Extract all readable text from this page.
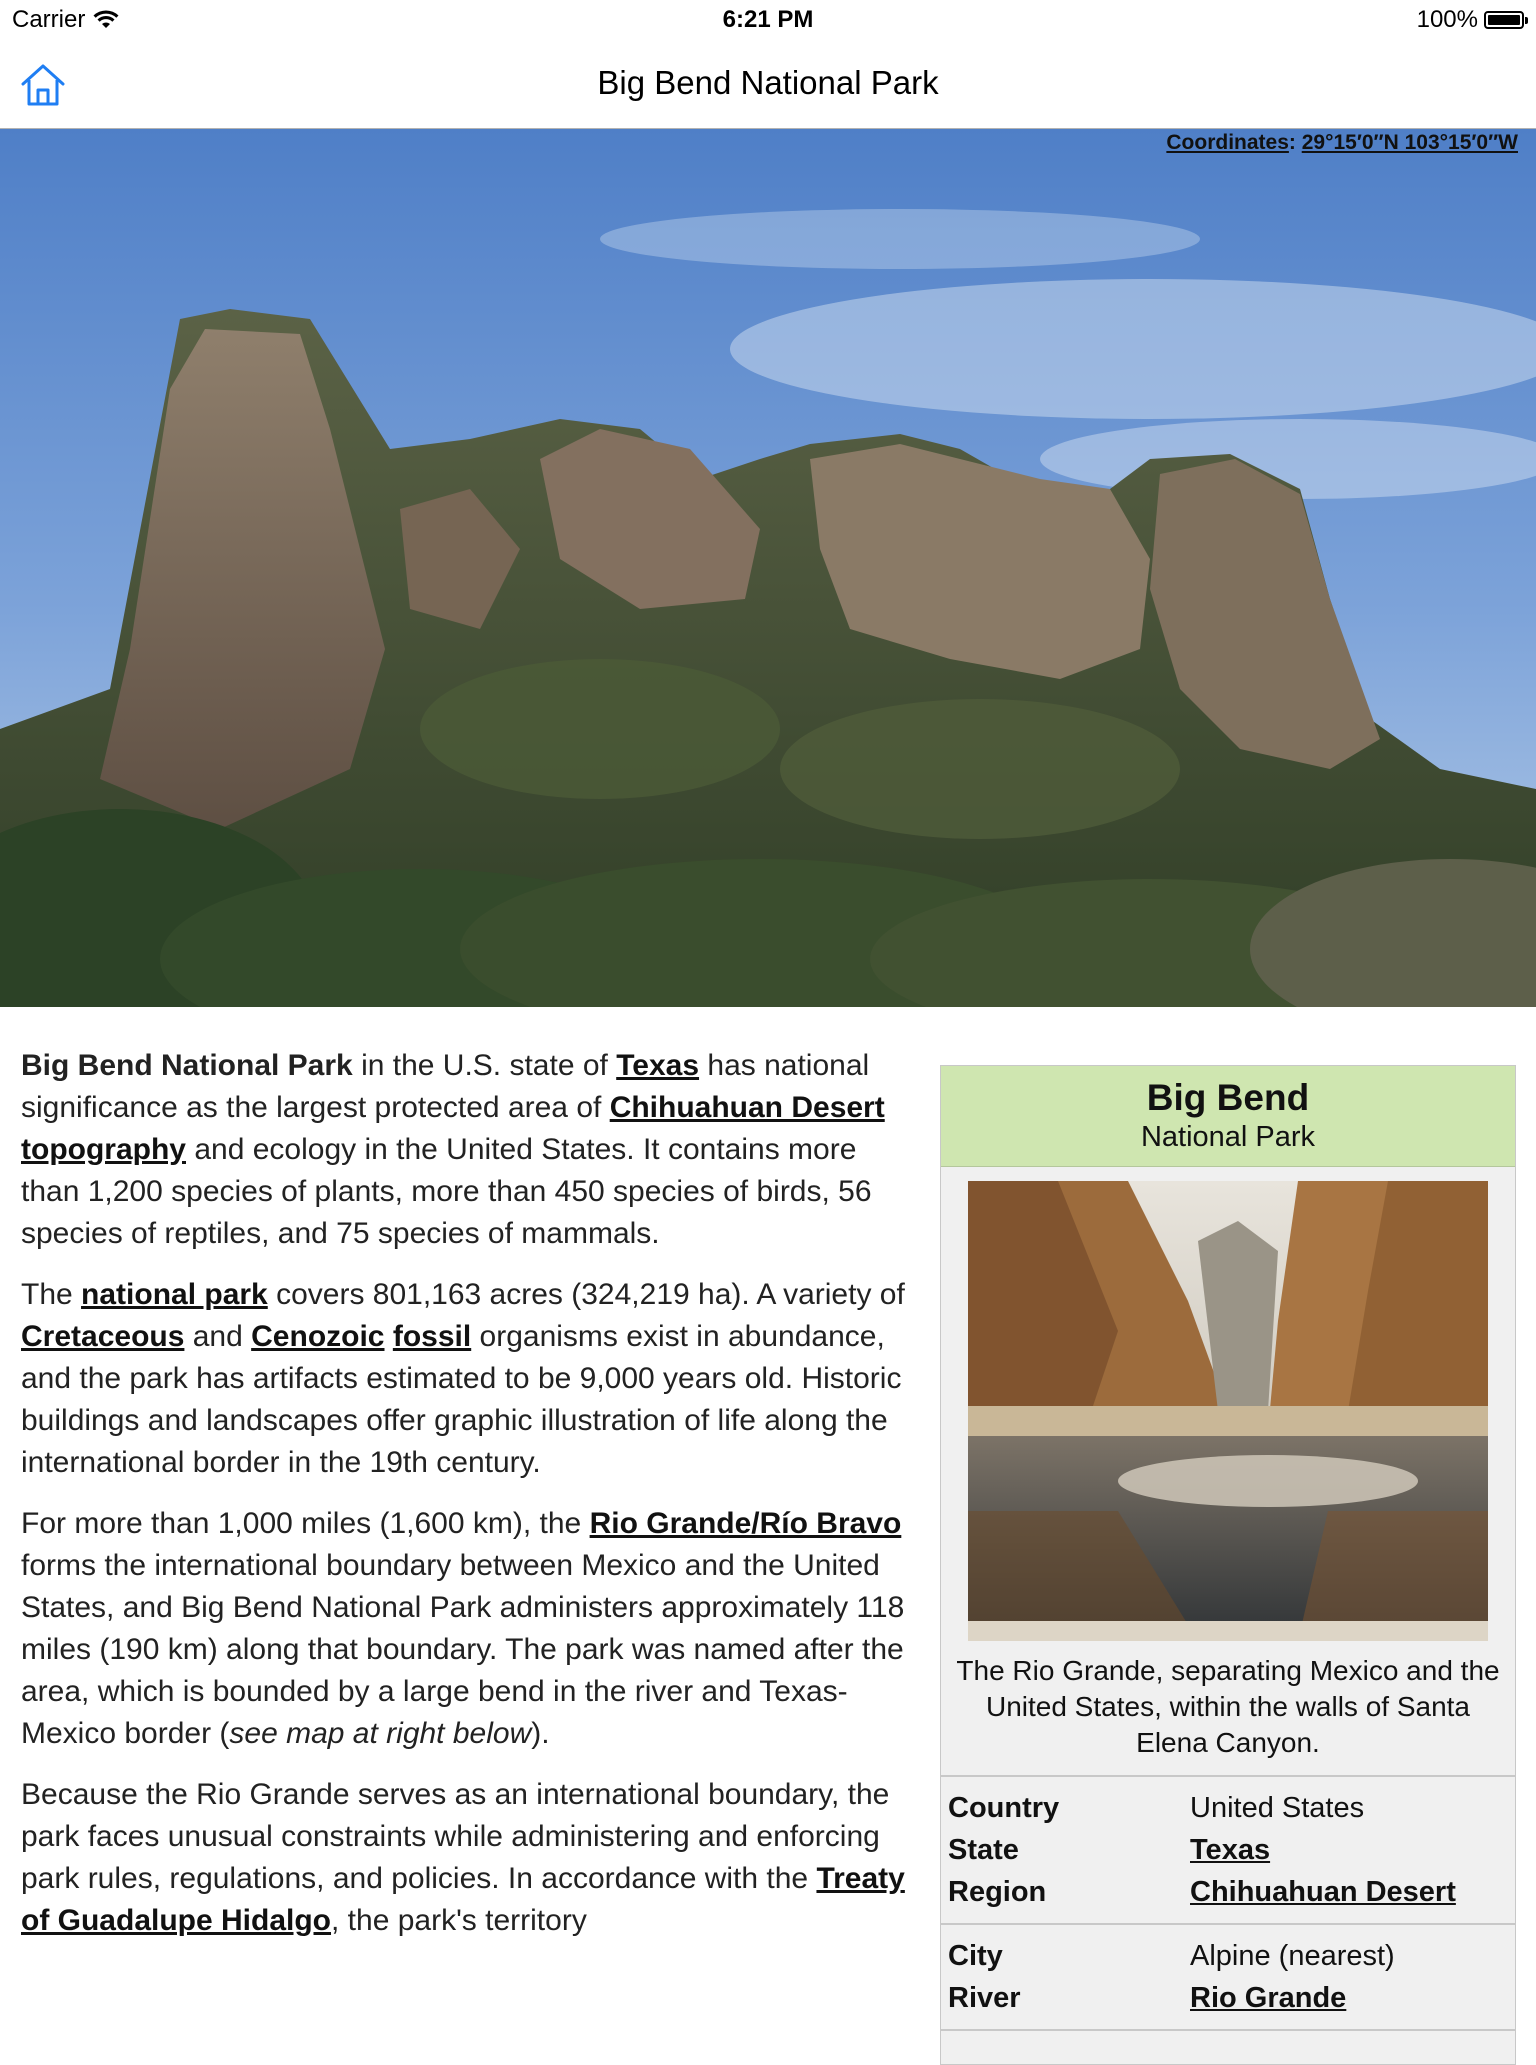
Carrier	6:21 PM	100%
Big Bend National Park
Coordinates: 29°15′0″N 103°15′0″W

Big Bend National Park in the U.S. state of Texas has national significance as the largest protected area of Chihuahuan Desert topography and ecology in the United States. It contains more than 1,200 species of plants, more than 450 species of birds, 56 species of reptiles, and 75 species of mammals.

The national park covers 801,163 acres (324,219 ha). A variety of Cretaceous and Cenozoic fossil organisms exist in abundance, and the park has artifacts estimated to be 9,000 years old. Historic buildings and landscapes offer graphic illustration of life along the international border in the 19th century.

For more than 1,000 miles (1,600 km), the Rio Grande/Río Bravo forms the international boundary between Mexico and the United States, and Big Bend National Park administers approximately 118 miles (190 km) along that boundary. The park was named after the area, which is bounded by a large bend in the river and Texas-Mexico border (see map at right below).

Because the Rio Grande serves as an international boundary, the park faces unusual constraints while administering and enforcing park rules, regulations, and policies. In accordance with the Treaty of Guadalupe Hidalgo, the park's territory

Big Bend
National Park
The Rio Grande, separating Mexico and the United States, within the walls of Santa Elena Canyon.
Country	United States
State	Texas
Region	Chihuahuan Desert
City	Alpine (nearest)
River	Rio Grande
